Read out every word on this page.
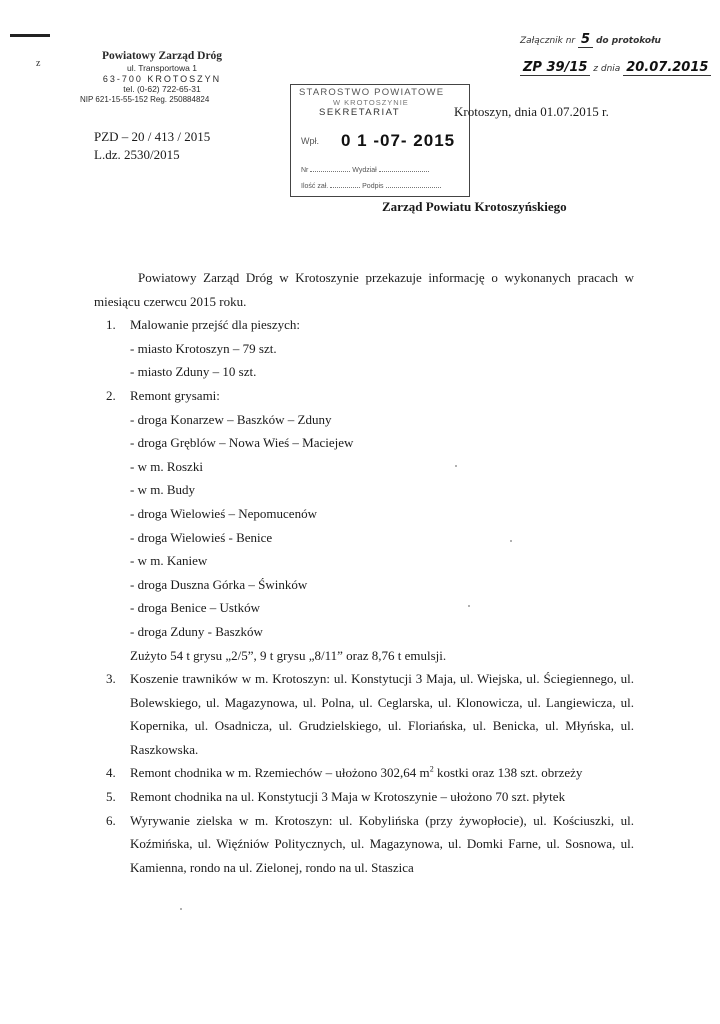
z
Powiatowy Zarząd Dróg
ul. Transportowa 1
63-700 KROTOSZYN
tel. (0-62) 722-65-31
NIP 621-15-55-152 Reg. 250884824
PZD – 20 / 413 / 2015
L.dz. 2530/2015
Załącznik nr 5 do protokołu
ZP 39/15 z dnia 20.07.2015
STAROSTWO POWIATOWE
W KROTOSZYNIE
SEKRETARIAT
Wpł. 0 1 -07- 2015
Nr	Wydział
Ilość zał.	Podpis
Krotoszyn, dnia 01.07.2015 r.
Zarząd Powiatu Krotoszyńskiego

Powiatowy Zarząd Dróg w Krotoszynie przekazuje informację o wykonanych pracach w miesiącu czerwcu 2015 roku.

1. Malowanie przejść dla pieszych:
- miasto Krotoszyn – 79 szt.
- miasto Zduny – 10 szt.
2. Remont grysami:
- droga Konarzew – Baszków – Zduny
- droga Gręblów – Nowa Wieś – Maciejew
- w m. Roszki
- w m. Budy
- droga Wielowieś – Nepomucenów
- droga Wielowieś - Benice
- w m. Kaniew
- droga Duszna Górka – Świnków
- droga Benice – Ustków
- droga Zduny - Baszków
Zużyto 54 t grysu „2/5”, 9 t grysu „8/11” oraz 8,76 t emulsji.
3. Koszenie trawników w m. Krotoszyn: ul. Konstytucji 3 Maja, ul. Wiejska, ul. Ściegiennego, ul. Bolewskiego, ul. Magazynowa, ul. Polna, ul. Ceglarska, ul. Klonowicza, ul. Langiewicza, ul. Kopernika, ul. Osadnicza, ul. Grudzielskiego, ul. Floriańska, ul. Benicka, ul. Młyńska, ul. Raszkowska.
4. Remont chodnika w m. Rzemiechów – ułożono 302,64 $m^2$ kostki oraz 138 szt. obrzeży
5. Remont chodnika na ul. Konstytucji 3 Maja w Krotoszynie – ułożono 70 szt. płytek
6. Wyrywanie zielska w m. Krotoszyn: ul. Kobylińska (przy żywopłocie), ul. Kościuszki, ul. Koźmińska, ul. Więźniów Politycznych, ul. Magazynowa, ul. Domki Farne, ul. Sosnowa, ul. Kamienna, rondo na ul. Zielonej, rondo na ul. Staszica
